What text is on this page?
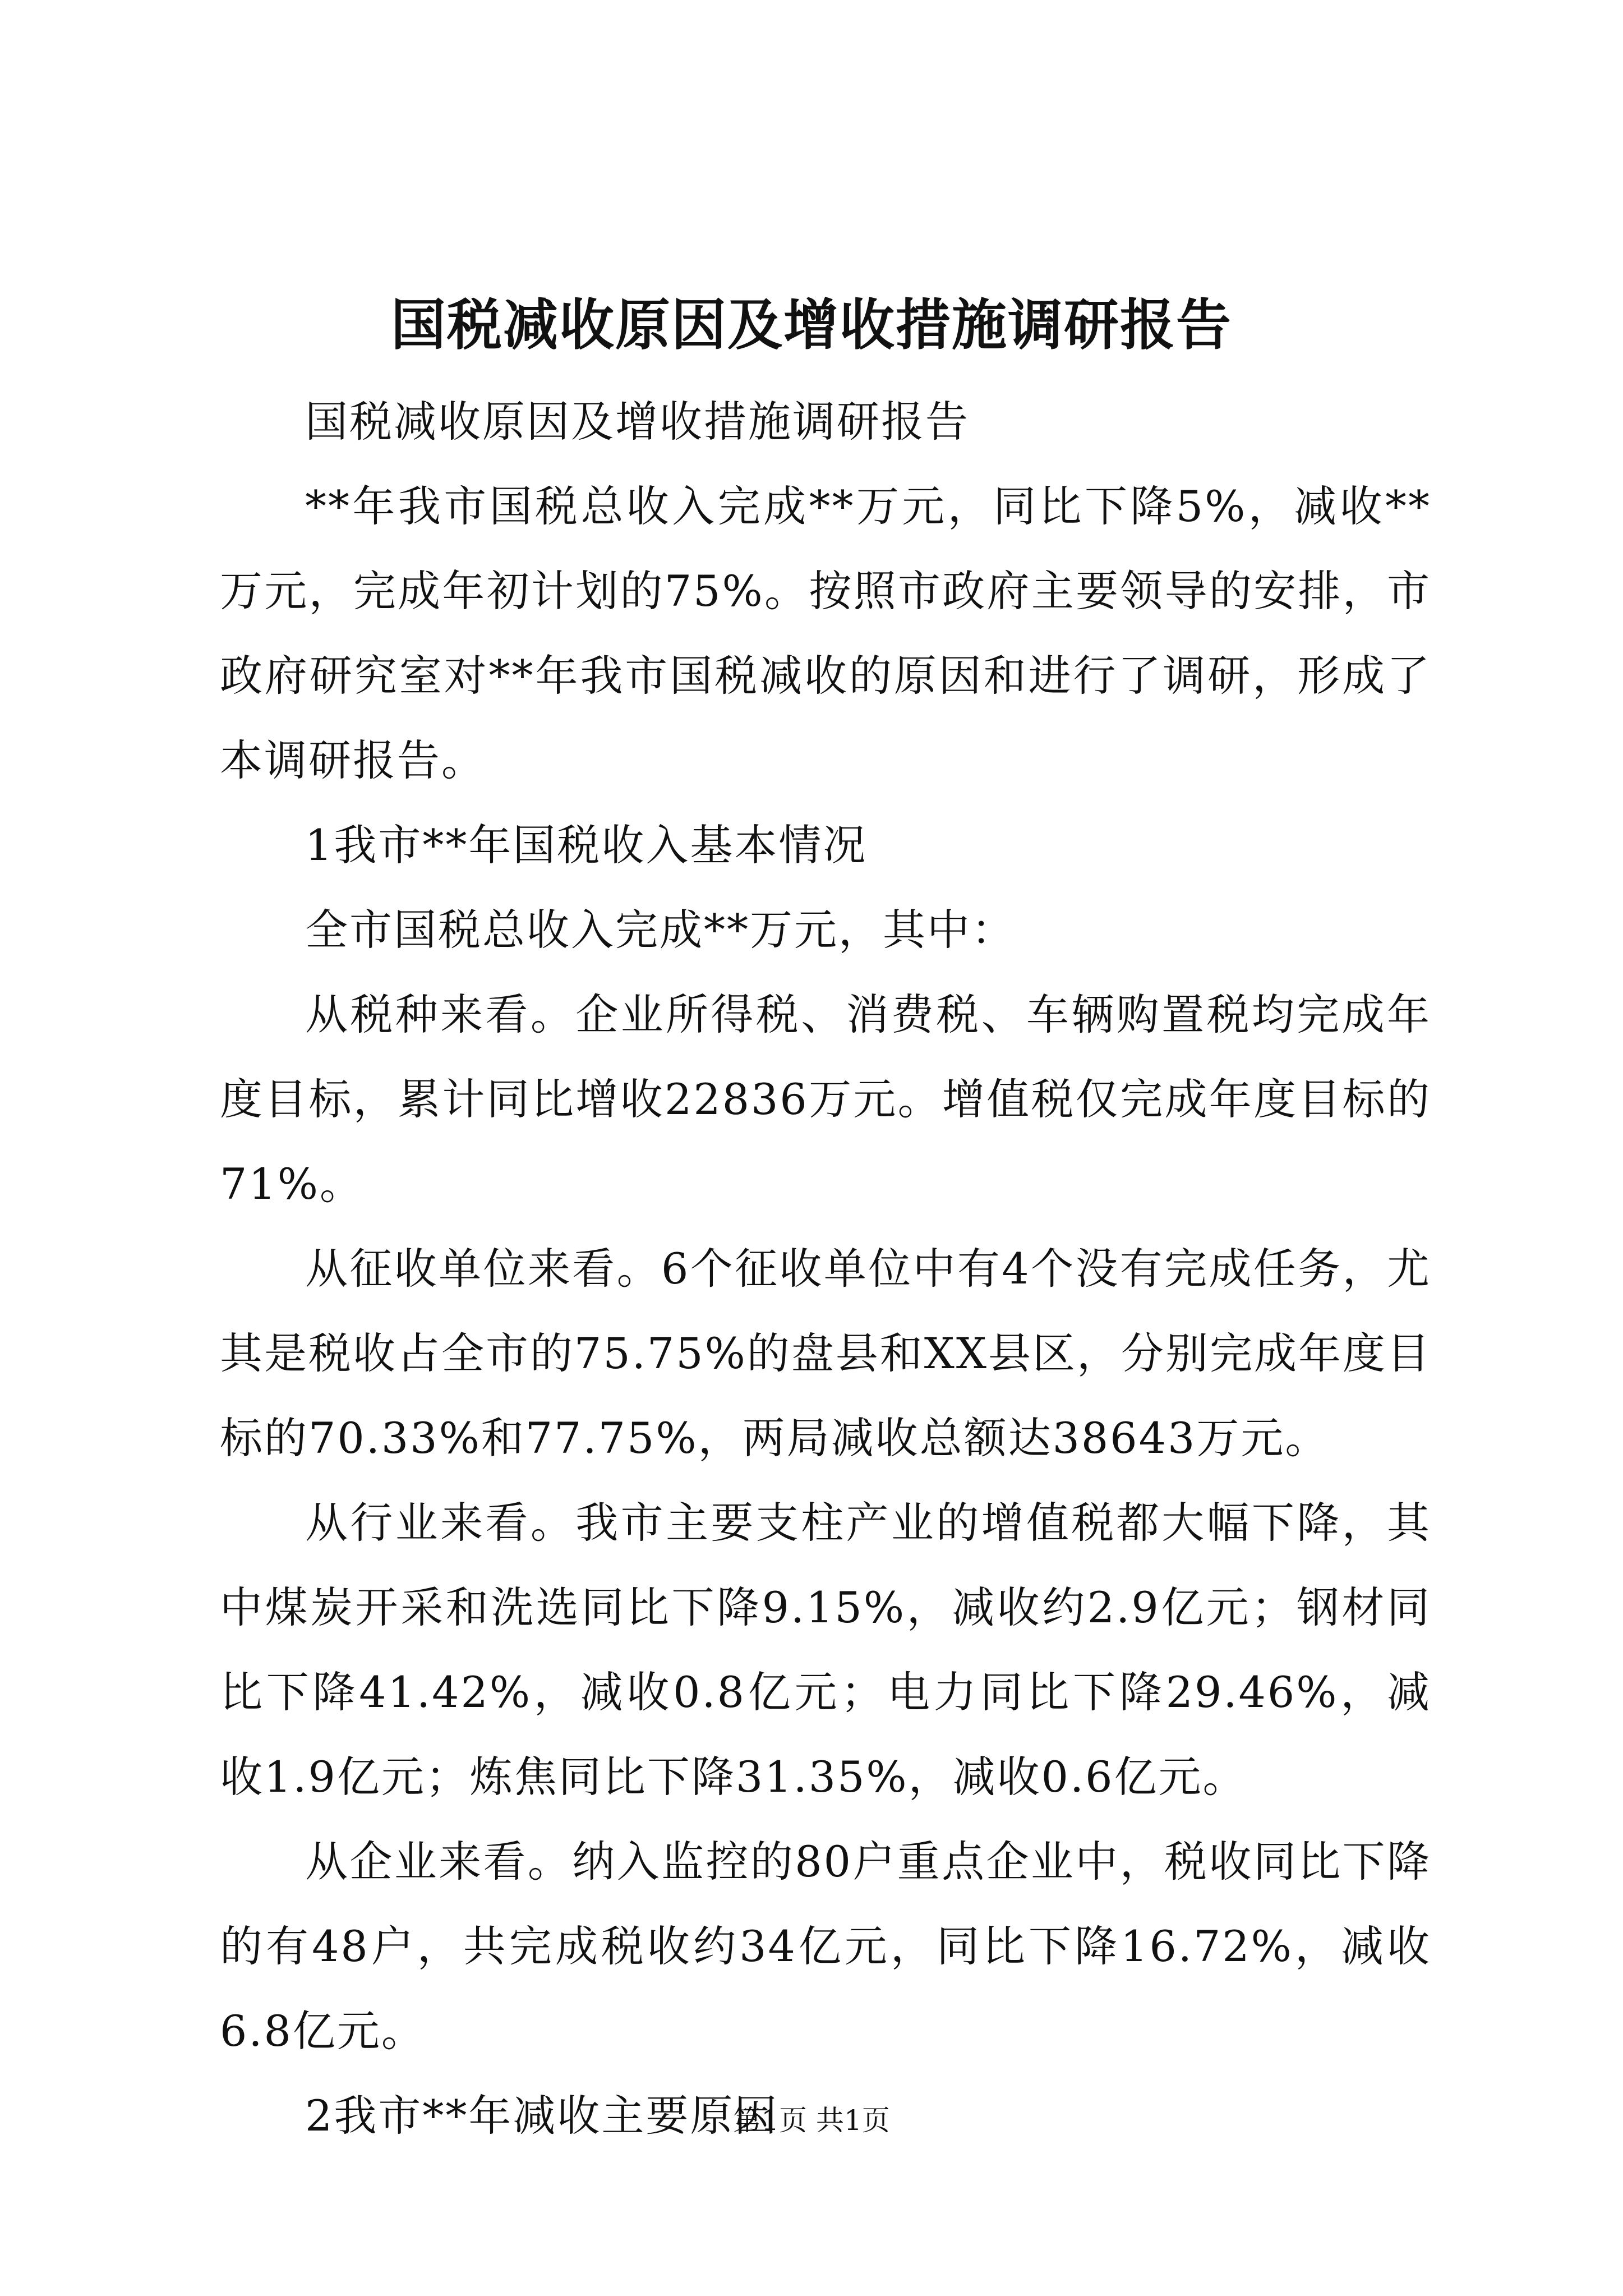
国税减收原因及增收措施调研报告

国税减收原因及增收措施调研报告

**年我市国税总收入完成**万元，同比下降5%，减收**万元，完成年初计划的75%。按照市政府主要领导的安排，市政府研究室对**年我市国税减收的原因和进行了调研，形成了本调研报告。

1我市**年国税收入基本情况

全市国税总收入完成**万元，其中：

从税种来看。企业所得税、消费税、车辆购置税均完成年度目标，累计同比增收22836万元。增值税仅完成年度目标的71%。

从征收单位来看。6个征收单位中有4个没有完成任务，尤其是税收占全市的75.75%的盘县和XX县区，分别完成年度目标的70.33%和77.75%，两局减收总额达38643万元。

从行业来看。我市主要支柱产业的增值税都大幅下降，其中煤炭开采和洗选同比下降9.15%，减收约2.9亿元；钢材同比下降41.42%，减收0.8亿元；电力同比下降29.46%，减收1.9亿元；炼焦同比下降31.35%，减收0.6亿元。

从企业来看。纳入监控的80户重点企业中，税收同比下降的有48户，共完成税收约34亿元，同比下降16.72%，减收6.8亿元。

2我市**年减收主要原因

第1页 共1页
